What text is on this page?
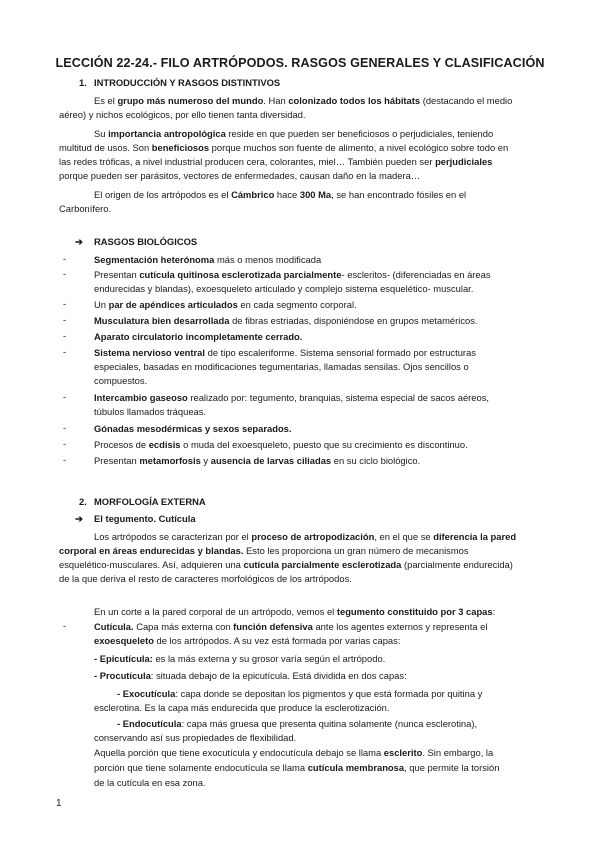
LECCIÓN 22-24.- FILO ARTRÓPODOS. RASGOS GENERALES Y CLASIFICACIÓN
1. INTRODUCCIÓN Y RASGOS DISTINTIVOS
Es el grupo más numeroso del mundo. Han colonizado todos los hábitats (destacando el medio
aéreo) y nichos ecológicos, por ello tienen tanta diversidad.
Su importancia antropológica reside en que pueden ser beneficiosos o perjudiciales, teniendo
multitud de usos. Son beneficiosos porque muchos son fuente de alimento, a nivel ecológico sobre todo en
las redes tróficas, a nivel industrial producen cera, colorantes, miel… También pueden ser perjudiciales
porque pueden ser parásitos, vectores de enfermedades, causan daño en la madera…
El origen de los artrópodos es el Cámbrico hace 300 Ma, se han encontrado fósiles en el
Carbonífero.
➔ RASGOS BIOLÓGICOS
-	Segmentación heterónoma más o menos modificada
-	Presentan cutícula quitinosa esclerotizada parcialmente- escleritos- (diferenciadas en áreas
endurecidas y blandas), exoesqueleto articulado y complejo sistema esquelético- muscular.
-	Un par de apéndices articulados en cada segmento corporal.
-	Musculatura bien desarrollada de fibras estriadas, disponiéndose en grupos metaméricos.
-	Aparato circulatorio incompletamente cerrado.
-	Sistema nervioso ventral de tipo escaleriforme. Sistema sensorial formado por estructuras
especiales, basadas en modificaciones tegumentarias, llamadas sensilas. Ojos sencillos o
compuestos.
-	Intercambio gaseoso realizado por: tegumento, branquias, sistema especial de sacos aéreos,
túbulos llamados tráqueas.
-	Gónadas mesodérmicas y sexos separados.
-	Procesos de ecdisis o muda del exoesqueleto, puesto que su crecimiento es discontinuo.
-	Presentan metamorfosis y ausencia de larvas ciliadas en su ciclo biológico.
2. MORFOLOGÍA EXTERNA
➔ El tegumento. Cutícula
Los artrópodos se caracterizan por el proceso de artropodización, en el que se diferencia la pared
corporal en áreas endurecidas y blandas. Esto les proporciona un gran número de mecanismos
esquelético-musculares. Así, adquieren una cutícula parcialmente esclerotizada (parcialmente endurecida)
de la que deriva el resto de caracteres morfológicos de los artrópodos.
En un corte a la pared corporal de un artrópodo, vemos el tegumento constituido por 3 capas:
-	Cutícula. Capa más externa con función defensiva ante los agentes externos y representa el
exoesqueleto de los artrópodos. A su vez está formada por varias capas:
- Epicutícula: es la más externa y su grosor varía según el artrópodo.
- Procutícula: situada debajo de la epicutícula. Está dividida en dos capas:
- Exocutícula: capa donde se depositan los pigmentos y que está formada por quitina y
esclerotina. Es la capa más endurecida que produce la esclerotización.
- Endocutícula: capa más gruesa que presenta quitina solamente (nunca esclerotina),
conservando así sus propiedades de flexibilidad.
Aquella porción que tiene exocutícula y endocutícula debajo se llama esclerito. Sin embargo, la
porción que tiene solamente endocutícula se llama cutícula membranosa, que permite la torsión
de la cutícula en esa zona.
1
